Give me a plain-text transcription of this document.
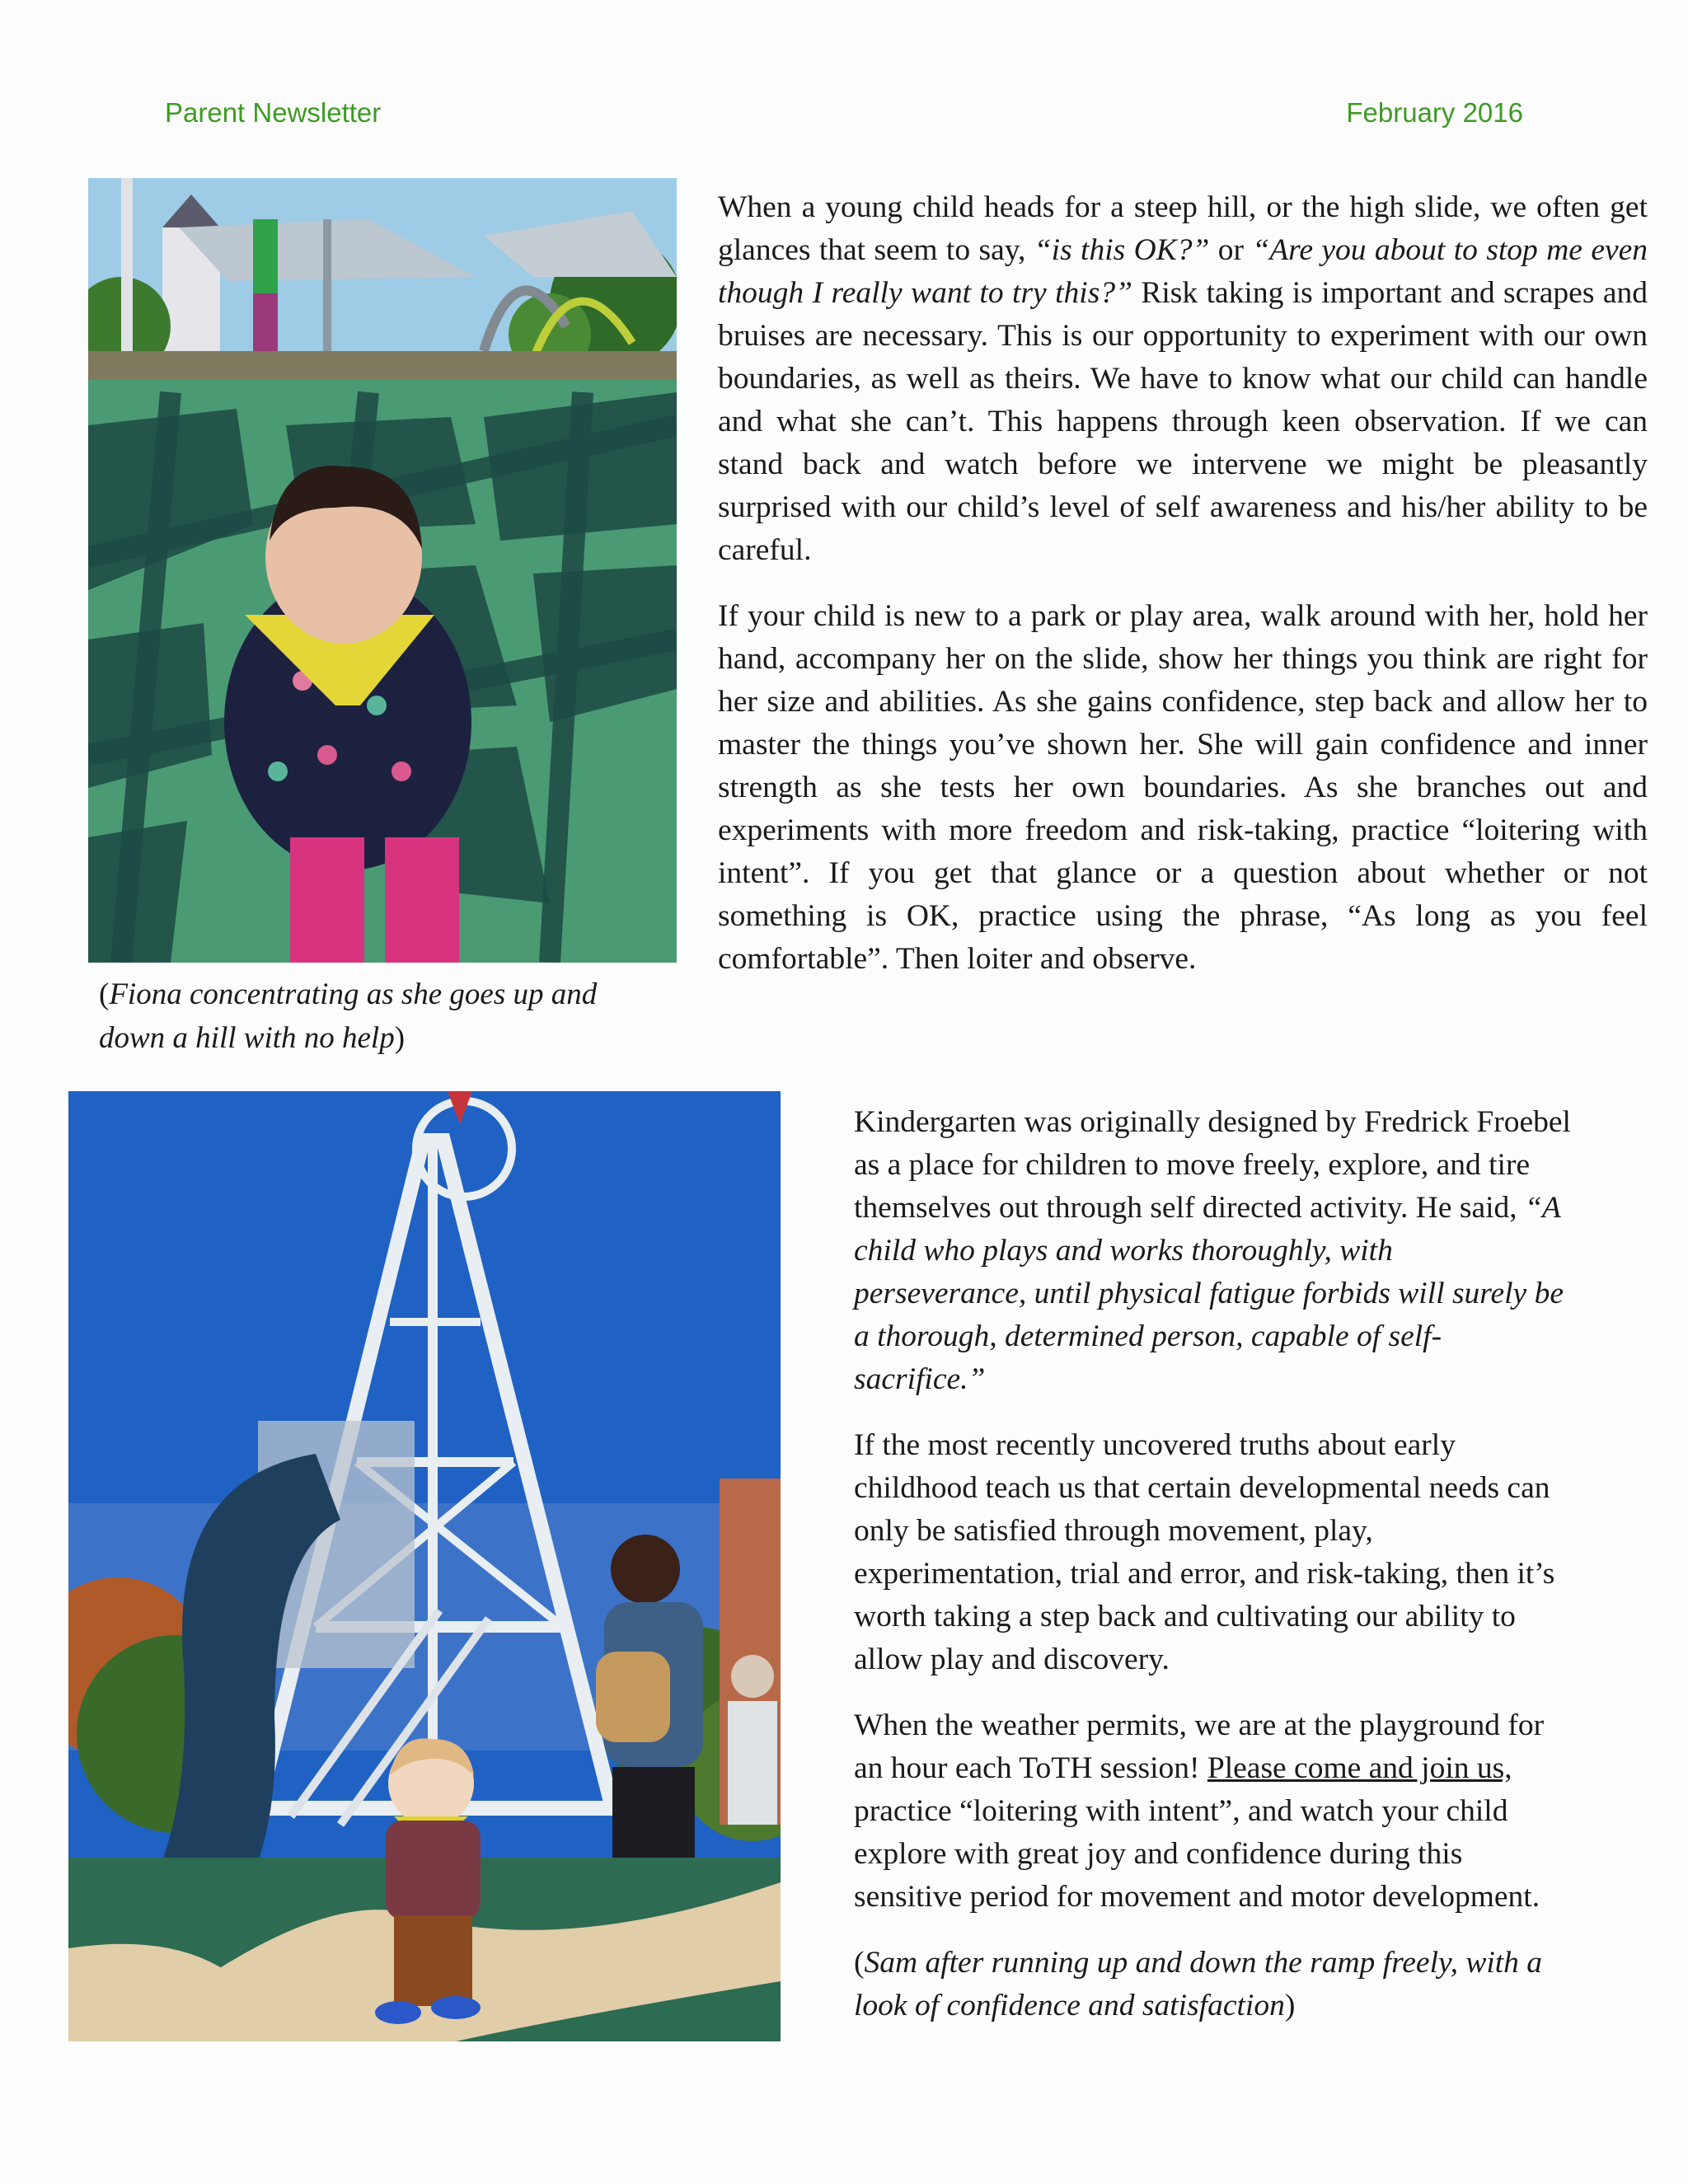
Parent Newsletter	February 2016

(Fiona concentrating as she goes up and down a hill with no help)

When a young child heads for a steep hill, or the high slide, we often get glances that seem to say, “is this OK?” or “Are you about to stop me even though I really want to try this?” Risk taking is important and scrapes and bruises are necessary. This is our opportunity to experiment with our own boundaries, as well as theirs. We have to know what our child can handle and what she can’t. This happens through keen observation. If we can stand back and watch before we intervene we might be pleasantly surprised with our child’s level of self awareness and his/her ability to be careful.

If your child is new to a park or play area, walk around with her, hold her hand, accompany her on the slide, show her things you think are right for her size and abilities. As she gains confidence, step back and allow her to master the things you’ve shown her. She will gain confidence and inner strength as she tests her own boundaries. As she branches out and experiments with more freedom and risk-taking, practice “loitering with intent”. If you get that glance or a question about whether or not something is OK, practice using the phrase, “As long as you feel comfortable”. Then loiter and observe.

Kindergarten was originally designed by Fredrick Froebel as a place for children to move freely, explore, and tire themselves out through self directed activity. He said, “A child who plays and works thoroughly, with perseverance, until physical fatigue forbids will surely be a thorough, determined person, capable of self-sacrifice.”

If the most recently uncovered truths about early childhood teach us that certain developmental needs can only be satisfied through movement, play, experimentation, trial and error, and risk-taking, then it’s worth taking a step back and cultivating our ability to allow play and discovery.

When the weather permits, we are at the playground for an hour each ToTH session! Please come and join us, practice “loitering with intent”, and watch your child explore with great joy and confidence during this sensitive period for movement and motor development.

(Sam after running up and down the ramp freely, with a look of confidence and satisfaction)
